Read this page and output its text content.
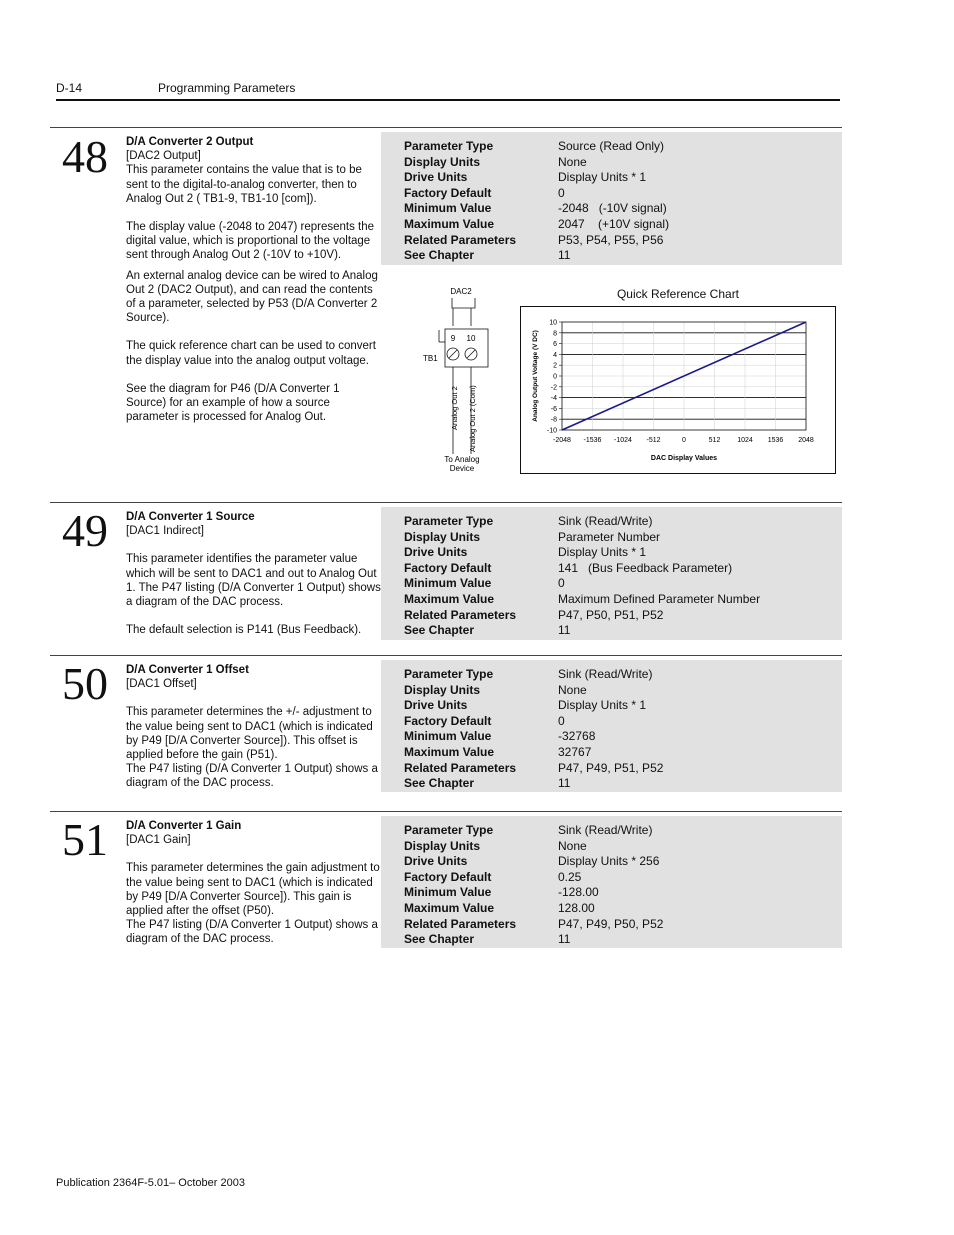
D-14	Programming Parameters
48 D/A Converter 2 Output
[DAC2 Output]
This parameter contains the value that is to be sent to the digital-to-analog converter, then to Analog Out 2 ( TB1-9, TB1-10 [com]).
The display value (-2048 to 2047) represents the digital value, which is proportional to the voltage sent through Analog Out 2 (-10V to +10V).
An external analog device can be wired to Analog Out 2 (DAC2 Output), and can read the contents of a parameter, selected by P53 (D/A Converter 2 Source).
The quick reference chart can be used to convert the display value into the analog output voltage.
See the diagram for P46 (D/A Converter 1 Source) for an example of how a source parameter is processed for Analog Out.
Parameter Type	Source (Read Only)
Display Units	None
Drive Units	Display Units * 1
Factory Default	0
Minimum Value	-2048   (-10V signal)
Maximum Value	2047    (+10V signal)
Related Parameters	P53, P54, P55, P56
See Chapter	11
DAC2
9 10
TB1
Analog Out 2 Analog Out 2 (Com)
To Analog
Device
Quick Reference Chart
10
8
6
4
2
0
-2
-4
-6
-8
-10
-2048 -1536 -1024 -512	0	512 1024 1536 2048
Analog Output Voltage (V DC)
DAC Display Values
49 D/A Converter 1 Source
[DAC1 Indirect]
This parameter identifies the parameter value which will be sent to DAC1 and out to Analog Out 1. The P47 listing (D/A Converter 1 Output) shows a diagram of the DAC process.
The default selection is P141 (Bus Feedback).
Parameter Type	Sink (Read/Write)
Display Units	Parameter Number
Drive Units	Display Units * 1
Factory Default	141   (Bus Feedback Parameter)
Minimum Value	0
Maximum Value	Maximum Defined Parameter Number
Related Parameters	P47, P50, P51, P52
See Chapter	11
50 D/A Converter 1 Offset
[DAC1 Offset]
This parameter determines the +/- adjustment to the value being sent to DAC1 (which is indicated by P49 [D/A Converter Source]). This offset is applied before the gain (P51).
The P47 listing (D/A Converter 1 Output) shows a diagram of the DAC process.
Parameter Type	Sink (Read/Write)
Display Units	None
Drive Units	Display Units * 1
Factory Default	0
Minimum Value	-32768
Maximum Value	32767
Related Parameters	P47, P49, P51, P52
See Chapter	11
51 D/A Converter 1 Gain
[DAC1 Gain]
This parameter determines the gain adjustment to the value being sent to DAC1 (which is indicated by P49 [D/A Converter Source]). This gain is applied after the offset (P50).
The P47 listing (D/A Converter 1 Output) shows a diagram of the DAC process.
Parameter Type	Sink (Read/Write)
Display Units	None
Drive Units	Display Units * 256
Factory Default	0.25
Minimum Value	-128.00
Maximum Value	128.00
Related Parameters	P47, P49, P50, P52
See Chapter	11
Publication 2364F-5.01– October 2003
